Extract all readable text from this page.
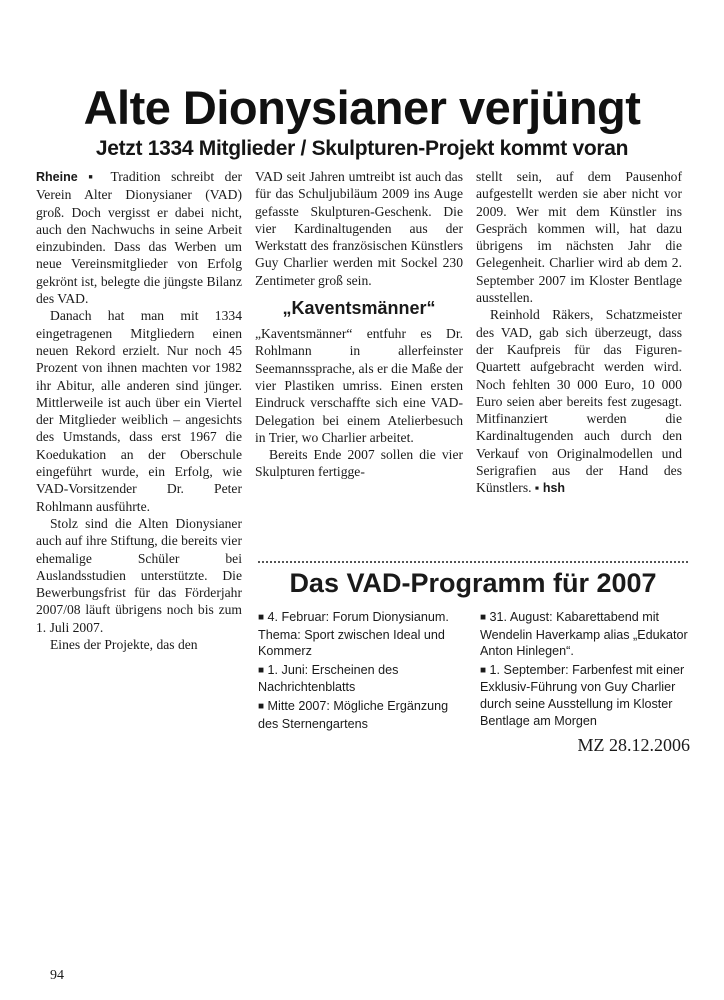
Alte Dionysianer verjüngt
Jetzt 1334 Mitglieder / Skulpturen-Projekt kommt voran

Rheine ▪ Tradition schreibt der Verein Alter Dionysianer (VAD) groß. Doch vergisst er dabei nicht, auch den Nachwuchs in seine Arbeit einzubinden. Dass das Werben um neue Vereinsmitglieder von Erfolg gekrönt ist, belegte die jüngste Bilanz des VAD.

Danach hat man mit 1334 eingetragenen Mitgliedern einen neuen Rekord erzielt. Nur noch 45 Prozent von ihnen machten vor 1982 ihr Abitur, alle anderen sind jünger. Mittlerweile ist auch über ein Viertel der Mitglieder weiblich – angesichts des Umstands, dass erst 1967 die Koedukation an der Oberschule eingeführt wurde, ein Erfolg, wie VAD-Vorsitzender Dr. Peter Rohlmann ausführte.

Stolz sind die Alten Dionysianer auch auf ihre Stiftung, die bereits vier ehemalige Schüler bei Auslandsstudien unterstützte. Die Bewerbungsfrist für das Förderjahr 2007/08 läuft übrigens noch bis zum 1. Juli 2007.

Eines der Projekte, das den

VAD seit Jahren umtreibt ist auch das für das Schuljubiläum 2009 ins Auge gefasste Skulpturen-Geschenk. Die vier Kardinaltugenden aus der Werkstatt des französischen Künstlers Guy Charlier werden mit Sockel 230 Zentimeter groß sein.

„Kaventsmänner“

„Kaventsmänner“ entfuhr es Dr. Rohlmann in allerfeinster Seemannssprache, als er die Maße der vier Plastiken umriss. Einen ersten Eindruck verschaffte sich eine VAD-Delegation bei einem Atelierbesuch in Trier, wo Charlier arbeitet.

Bereits Ende 2007 sollen die vier Skulpturen fertigge-

stellt sein, auf dem Pausenhof aufgestellt werden sie aber nicht vor 2009. Wer mit dem Künstler ins Gespräch kommen will, hat dazu übrigens im nächsten Jahr die Gelegenheit. Charlier wird ab dem 2. September 2007 im Kloster Bentlage ausstellen.

Reinhold Räkers, Schatzmeister des VAD, gab sich überzeugt, dass der Kaufpreis für das Figuren-Quartett aufgebracht werden wird. Noch fehlten 30 000 Euro, 10 000 Euro seien aber bereits fest zugesagt. Mitfinanziert werden die Kardinaltugenden auch durch den Verkauf von Originalmodellen und Serigrafien aus der Hand des Künstlers. ▪ hsh

Das VAD-Programm für 2007
■ 4. Februar: Forum Dionysianum. Thema: Sport zwischen Ideal und Kommerz
■ 1. Juni: Erscheinen des Nachrichtenblatts
■ Mitte 2007: Mögliche Ergänzung des Sternengartens
■ 31. August: Kabarettabend mit Wendelin Haverkamp alias „Edukator Anton Hinlegen“.
■ 1. September: Farbenfest mit einer Exklusiv-Führung von Guy Charlier durch seine Ausstellung im Kloster Bentlage am Morgen
MZ 28.12.2006
94
